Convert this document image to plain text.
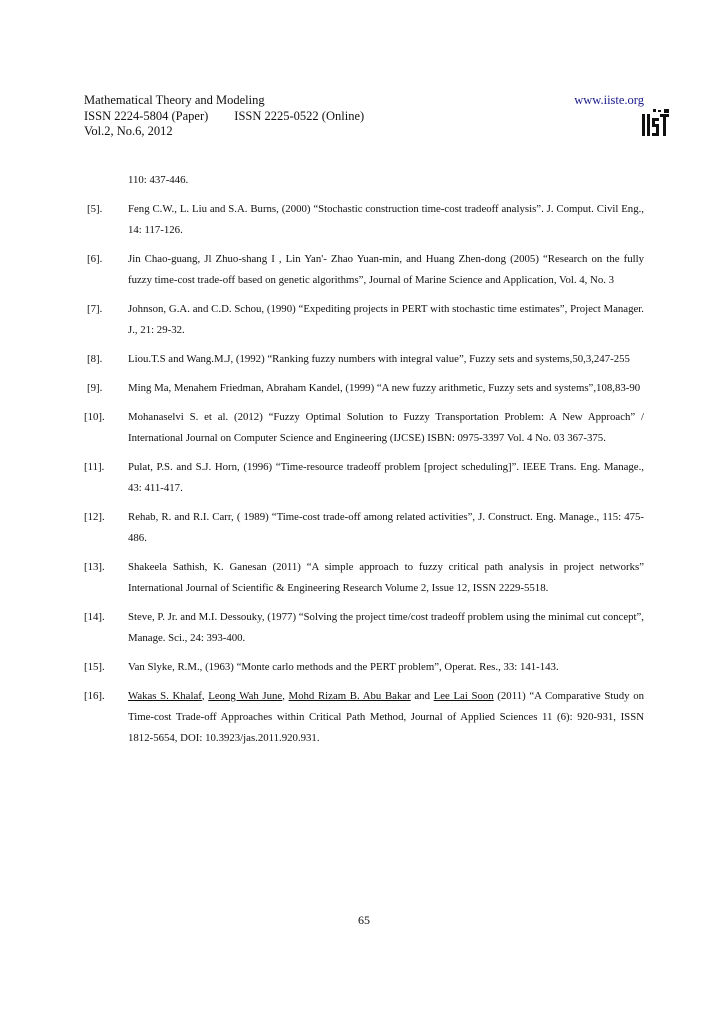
Mathematical Theory and Modeling
ISSN 2224-5804 (Paper) ISSN 2225-0522 (Online)
Vol.2, No.6, 2012
www.iiste.org
110: 437-446.
[5].	Feng C.W., L. Liu and S.A. Burns, (2000) “Stochastic construction time-cost tradeoff analysis”. J. Comput. Civil Eng., 14: 117-126.
[6].	Jin Chao-guang, Jl Zhuo-shang I , Lin Yan'- Zhao Yuan-min, and Huang Zhen-dong (2005) “Research on the fully fuzzy time-cost trade-off based on genetic algorithms”, Journal of Marine Science and Application, Vol. 4, No. 3
[7].	Johnson, G.A. and C.D. Schou, (1990) “Expediting projects in PERT with stochastic time estimates”, Project Manager. J., 21: 29-32.
[8].	Liou.T.S and Wang.M.J, (1992) “Ranking fuzzy numbers with integral value”, Fuzzy sets and systems,50,3,247-255
[9].	Ming Ma, Menahem Friedman, Abraham Kandel, (1999) “A new fuzzy arithmetic, Fuzzy sets and systems”,108,83-90
[10].	Mohanaselvi S. et al. (2012) “Fuzzy Optimal Solution to Fuzzy Transportation Problem: A New Approach” / International Journal on Computer Science and Engineering (IJCSE) ISBN: 0975-3397 Vol. 4 No. 03 367-375.
[11].	Pulat, P.S. and S.J. Horn, (1996) “Time-resource tradeoff problem [project scheduling]”. IEEE Trans. Eng. Manage., 43: 411-417.
[12].	Rehab, R. and R.I. Carr, ( 1989) “Time-cost trade-off among related activities”, J. Construct. Eng. Manage., 115: 475-486.
[13].	Shakeela Sathish, K. Ganesan (2011) “A simple approach to fuzzy critical path analysis in project networks” International Journal of Scientific & Engineering Research Volume 2, Issue 12, ISSN 2229-5518.
[14].	Steve, P. Jr. and M.I. Dessouky, (1977) “Solving the project time/cost tradeoff problem using the minimal cut concept”, Manage. Sci., 24: 393-400.
[15].	Van Slyke, R.M., (1963) “Monte carlo methods and the PERT problem”, Operat. Res., 33: 141-143.
[16].	Wakas S. Khalaf, Leong Wah June, Mohd Rizam B. Abu Bakar and Lee Lai Soon (2011) “A Comparative Study on Time-cost Trade-off Approaches within Critical Path Method, Journal of Applied Sciences 11 (6): 920-931, ISSN 1812-5654, DOI: 10.3923/jas.2011.920.931.
65
